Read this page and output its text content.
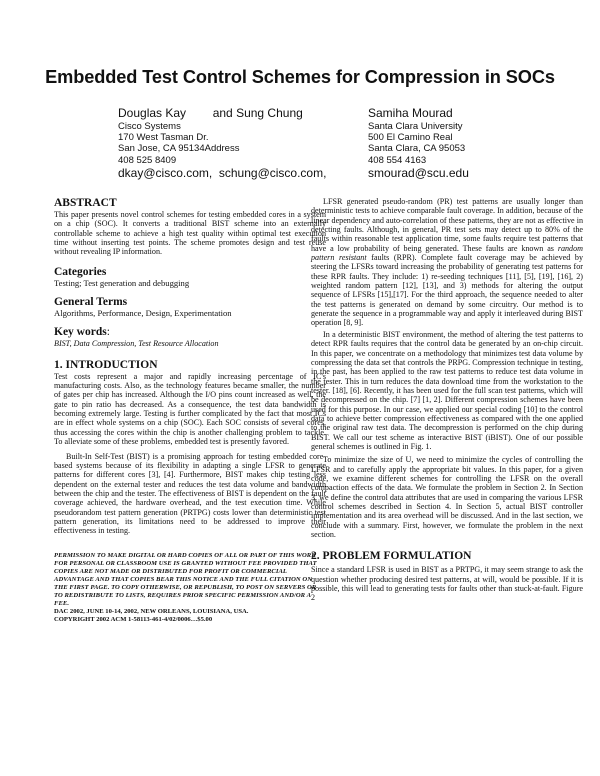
Embedded Test Control Schemes for Compression in SOCs
Douglas Kay        and Sung Chung
Cisco Systems
170 West Tasman Dr.
San Jose, CA 95134Address
408 525 8409
dkay@cisco.com,  schung@cisco.com,
Samiha Mourad
Santa Clara University
500 El Camino Real
Santa Clara, CA 95053
408 554 4163
smourad@scu.edu
ABSTRACT

This paper presents novel control schemes for testing embedded cores in a system on a chip (SOC). It converts a traditional BIST scheme into an externally controllable scheme to achieve a high test quality within optimal test execution time without inserting test points. The scheme promotes design and test reuse without revealing IP information.

Categories

Testing; Test generation and debugging

General Terms

Algorithms, Performance, Design, Experimentation

Key words:

BIST, Data Compression, Test Resource Allocation

1. INTRODUCTION

Test costs represent a major and rapidly increasing percentage of IC's manufacturing costs. Also, as the technology features became smaller, the number of gates per chip has increased. Although the I/O pins count increased as well, the gate to pin ratio has decreased. As a consequence, the test data bandwidth is becoming extremely large. Testing is further complicated by the fact that most ICs are in effect whole systems on a chip (SOC). Each SOC consists of several cores, thus accessing the cores within the chip is another challenging problem to tackle. To alleviate some of these problems, embedded test is presently favored.

Built-In Self-Test (BIST) is a promising approach for testing embedded core-based systems because of its flexibility in adapting a single LFSR to generate patterns for different cores [3], [4]. Furthermore, BIST makes chip testing less dependent on the external tester and reduces the test data volume and bandwidth between the chip and the tester. The effectiveness of BIST is dependent on the fault coverage achieved, the hardware overhead, and the test execution time. While pseudorandom test pattern generation (PRTPG) costs lower than deterministic test pattern generation, its limitations need to be addressed to improve their effectiveness in testing.

PERMISSION TO MAKE DIGITAL OR HARD COPIES OF ALL OR PART OF THIS WORK FOR PERSONAL OR CLASSROOM USE IS GRANTED WITHOUT FEE PROVIDED THAT COPIES ARE NOT MADE OR DISTRIBUTED FOR PROFIT OR COMMERCIAL ADVANTAGE AND THAT COPIES BEAR THIS NOTICE AND THE FULL CITATION ON THE FIRST PAGE. TO COPY OTHERWISE, OR REPUBLISH, TO POST ON SERVERS OR TO REDISTRIBUTE TO LISTS, REQUIRES PRIOR SPECIFIC PERMISSION AND/OR A FEE.
DAC 2002, JUNE 10-14, 2002, NEW ORLEANS, LOUISIANA, USA.
COPYRIGHT 2002 ACM 1-58113-461-4/02/0006…$5.00

LFSR generated pseudo-random (PR) test patterns are usually longer than deterministic tests to achieve comparable fault coverage. In addition, because of the linear dependency and auto-correlation of these patterns, they are not as effective in detecting faults. Although, in general, PR test sets may detect up to 80% of the faults within reasonable test application time, some faults require test patterns that have a low probability of being generated. These faults are known as random pattern resistant faults (RPR). Complete fault coverage may be achieved by steering the LFSRs toward increasing the probability of generating test patterns for these RPR faults. They include: 1) re-seeding techniques [11], [5], [19], [16], 2) weighted random pattern [12], [13], and 3) methods for altering the output sequence of LFSRs [15],[17]. For the third approach, the sequence needed to alter the test patterns is generated on demand by some circuitry. Our method is to generate the sequence in a programmable way and apply it interleaved during BIST operation [8, 9].

In a deterministic BIST environment, the method of altering the test patterns to detect RPR faults requires that the control data be generated by an on-chip circuit. In this paper, we concentrate on a methodology that minimizes test data volume by compressing the data set that controls the PRPG. Compression technique in testing, in the past, has been applied to the raw test patterns to reduce test data volume in the tester. This in turn reduces the data download time from the workstation to the tester. [18], [6]. Recently, it has been used for the full scan test patterns, which will be decompressed on the chip. [7] [1, 2]. Different compression schemes have been used for this purpose. In our case, we applied our special coding [10] to the control data to achieve better compression effectiveness as compared with the one applied to the original raw test data. The decompression is performed on the chip during BIST. We call our test scheme as interactive BIST (iBIST). One of our possible general schemes is outlined in Fig. 1.

To minimize the size of U, we need to minimize the cycles of controlling the LFSR and to carefully apply the appropriate bit values. In this paper, for a given code, we examine different schemes for controlling the LFSR on the overall compaction effects of the data. We formulate the problem in Section 2. In Section 3, we define the control data attributes that are used in comparing the various LFSR control schemes described in Section 4. In Section 5, actual BIST controller implementation and its area overhead will be discussed. And in the last section, we conclude with a summary. First, however, we formulate the problem in the next section.

2. PROBLEM FORMULATION

Since a standard LFSR is used in BIST as a PRTPG, it may seem strange to ask the question whether producing desired test patterns, at will, would be possible. If it is possible, this will lead to generating tests for faults other than stuck-at-fault. Figure 2
